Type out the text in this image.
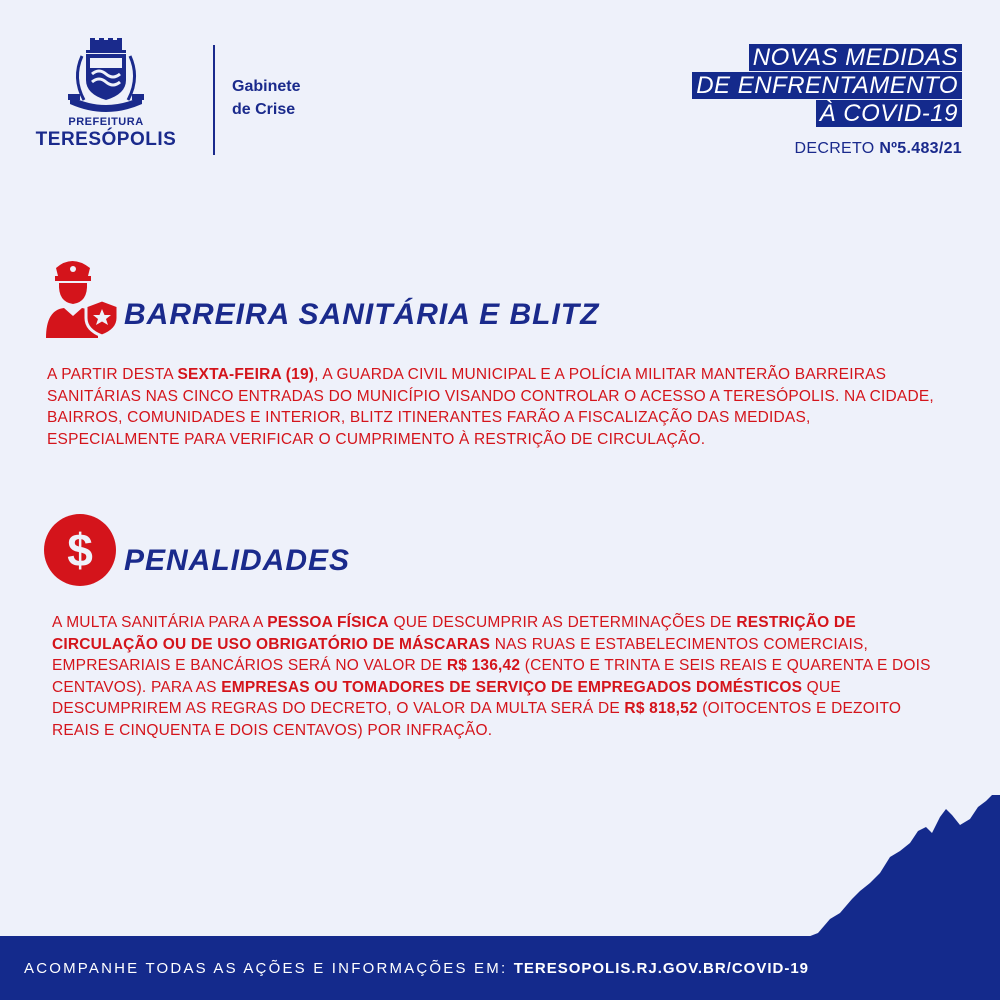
PREFEITURA
TERESÓPOLIS
Gabinete
de Crise
NOVAS MEDIDAS
DE ENFRENTAMENTO
À COVID-19
DECRETO Nº5.483/21
BARREIRA SANITÁRIA E BLITZ
A PARTIR DESTA SEXTA-FEIRA (19), A GUARDA CIVIL MUNICIPAL E A POLÍCIA MILITAR MANTERÃO BARREIRAS SANITÁRIAS NAS CINCO ENTRADAS DO MUNICÍPIO VISANDO CONTROLAR O ACESSO A TERESÓPOLIS. NA CIDADE, BAIRROS, COMUNIDADES E INTERIOR, BLITZ ITINERANTES FARÃO A FISCALIZAÇÃO DAS MEDIDAS, ESPECIALMENTE PARA VERIFICAR O CUMPRIMENTO À RESTRIÇÃO DE CIRCULAÇÃO.
$ PENALIDADES
A MULTA SANITÁRIA PARA A PESSOA FÍSICA QUE DESCUMPRIR AS DETERMINAÇÕES DE RESTRIÇÃO DE CIRCULAÇÃO OU DE USO OBRIGATÓRIO DE MÁSCARAS NAS RUAS E ESTABELECIMENTOS COMERCIAIS, EMPRESARIAIS E BANCÁRIOS SERÁ NO VALOR DE R$ 136,42 (CENTO E TRINTA E SEIS REAIS E QUARENTA E DOIS CENTAVOS). PARA AS EMPRESAS OU TOMADORES DE SERVIÇO DE EMPREGADOS DOMÉSTICOS QUE DESCUMPRIREM AS REGRAS DO DECRETO, O VALOR DA MULTA SERÁ DE R$ 818,52 (OITOCENTOS E DEZOITO REAIS E CINQUENTA E DOIS CENTAVOS) POR INFRAÇÃO.
ACOMPANHE TODAS AS AÇÕES E INFORMAÇÕES EM: TERESOPOLIS.RJ.GOV.BR/COVID-19
